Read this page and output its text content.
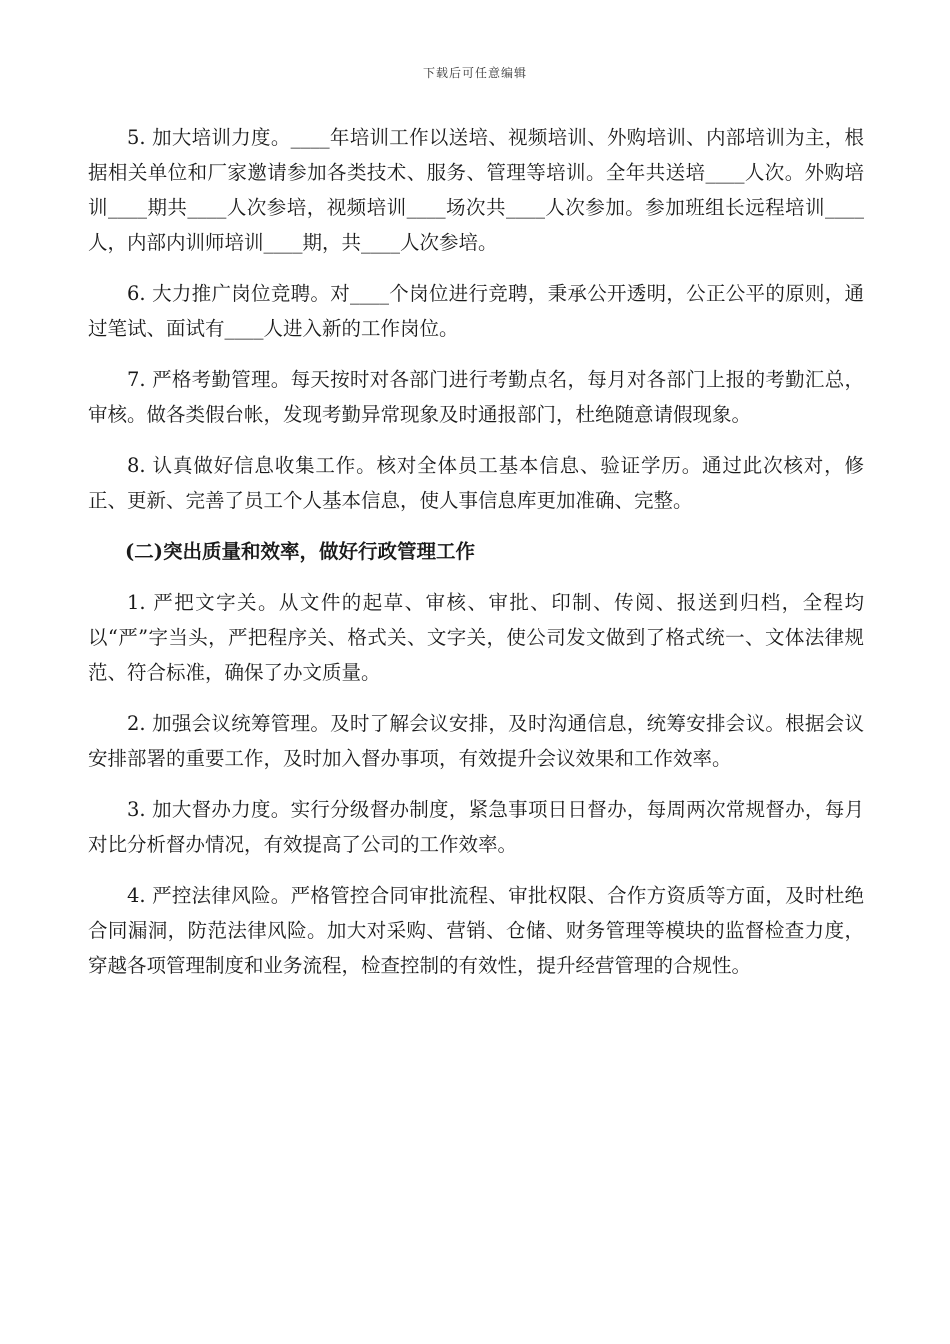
下载后可任意编辑

5. 加大培训力度。____年培训工作以送培、视频培训、外购培训、内部培训为主，根据相关单位和厂家邀请参加各类技术、服务、管理等培训。全年共送培____人次。外购培训____期共____人次参培，视频培训____场次共____人次参加。参加班组长远程培训____人，内部内训师培训____期，共____人次参培。

6. 大力推广岗位竞聘。对____个岗位进行竞聘，秉承公开透明，公正公平的原则，通过笔试、面试有____人进入新的工作岗位。

7. 严格考勤管理。每天按时对各部门进行考勤点名，每月对各部门上报的考勤汇总，审核。做各类假台帐，发现考勤异常现象及时通报部门，杜绝随意请假现象。

8. 认真做好信息收集工作。核对全体员工基本信息、验证学历。通过此次核对，修正、更新、完善了员工个人基本信息，使人事信息库更加准确、完整。

(二)突出质量和效率，做好行政管理工作

1. 严把文字关。从文件的起草、审核、审批、印制、传阅、报送到归档，全程均以“严”字当头，严把程序关、格式关、文字关，使公司发文做到了格式统一、文体法律规范、符合标准，确保了办文质量。

2. 加强会议统筹管理。及时了解会议安排，及时沟通信息，统筹安排会议。根据会议安排部署的重要工作，及时加入督办事项，有效提升会议效果和工作效率。

3. 加大督办力度。实行分级督办制度，紧急事项日日督办，每周两次常规督办，每月对比分析督办情况，有效提高了公司的工作效率。

4. 严控法律风险。严格管控合同审批流程、审批权限、合作方资质等方面，及时杜绝合同漏洞，防范法律风险。加大对采购、营销、仓储、财务管理等模块的监督检查力度，穿越各项管理制度和业务流程，检查控制的有效性，提升经营管理的合规性。
